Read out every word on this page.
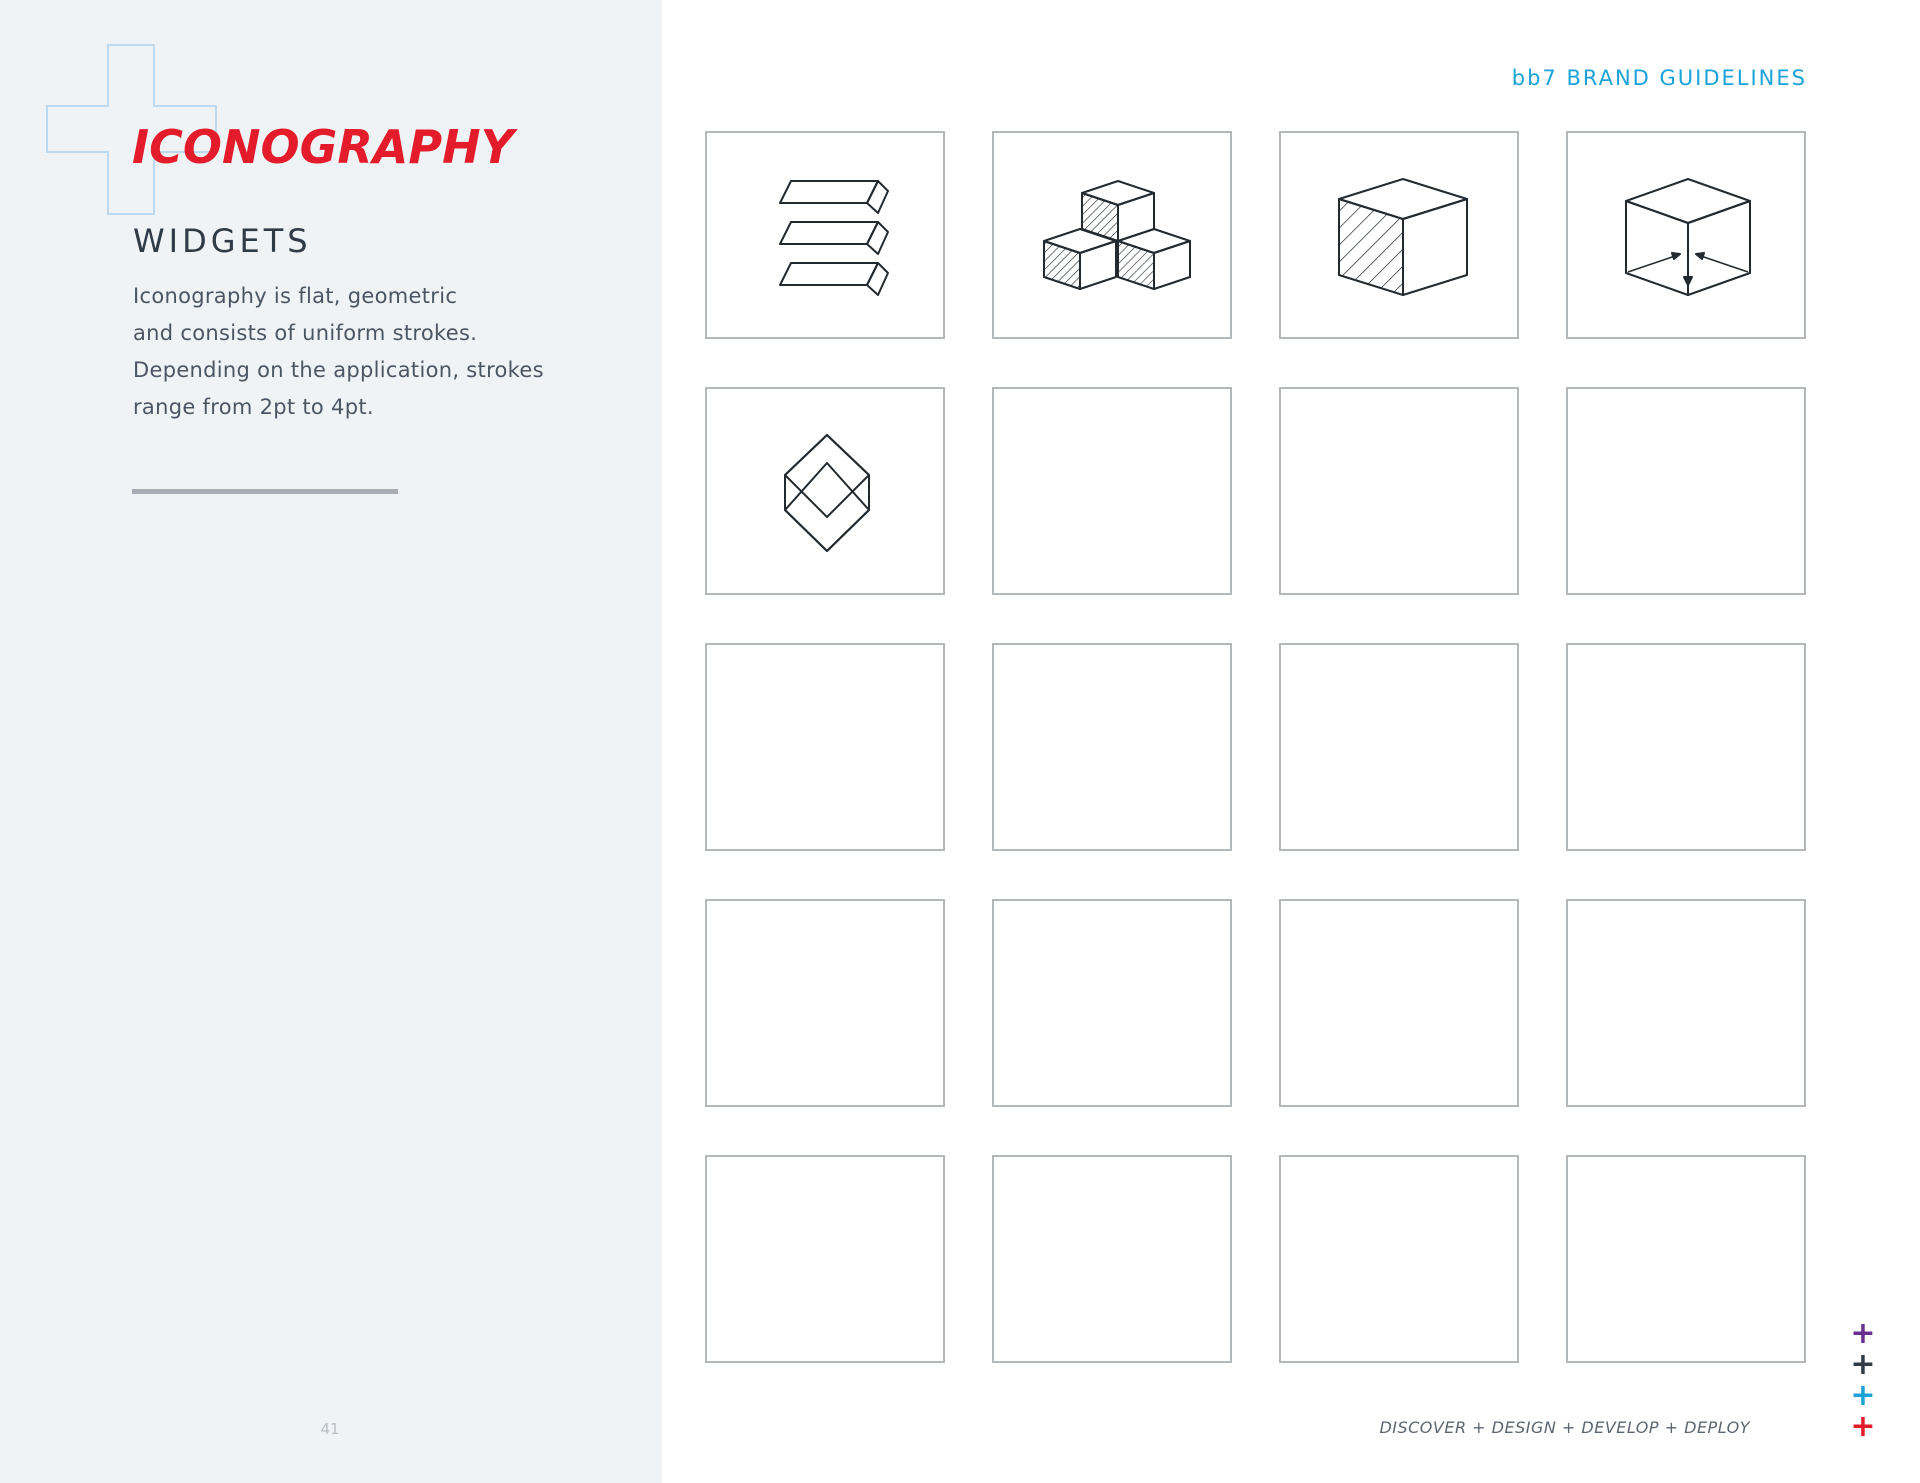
ICONOGRAPHY
WIDGETS
Iconography is flat, geometric
and consists of uniform strokes.
Depending on the application, strokes
range from 2pt to 4pt.
41
bb7 BRAND GUIDELINES
DISCOVER + DESIGN + DEVELOP + DEPLOY
+
+
+
+
